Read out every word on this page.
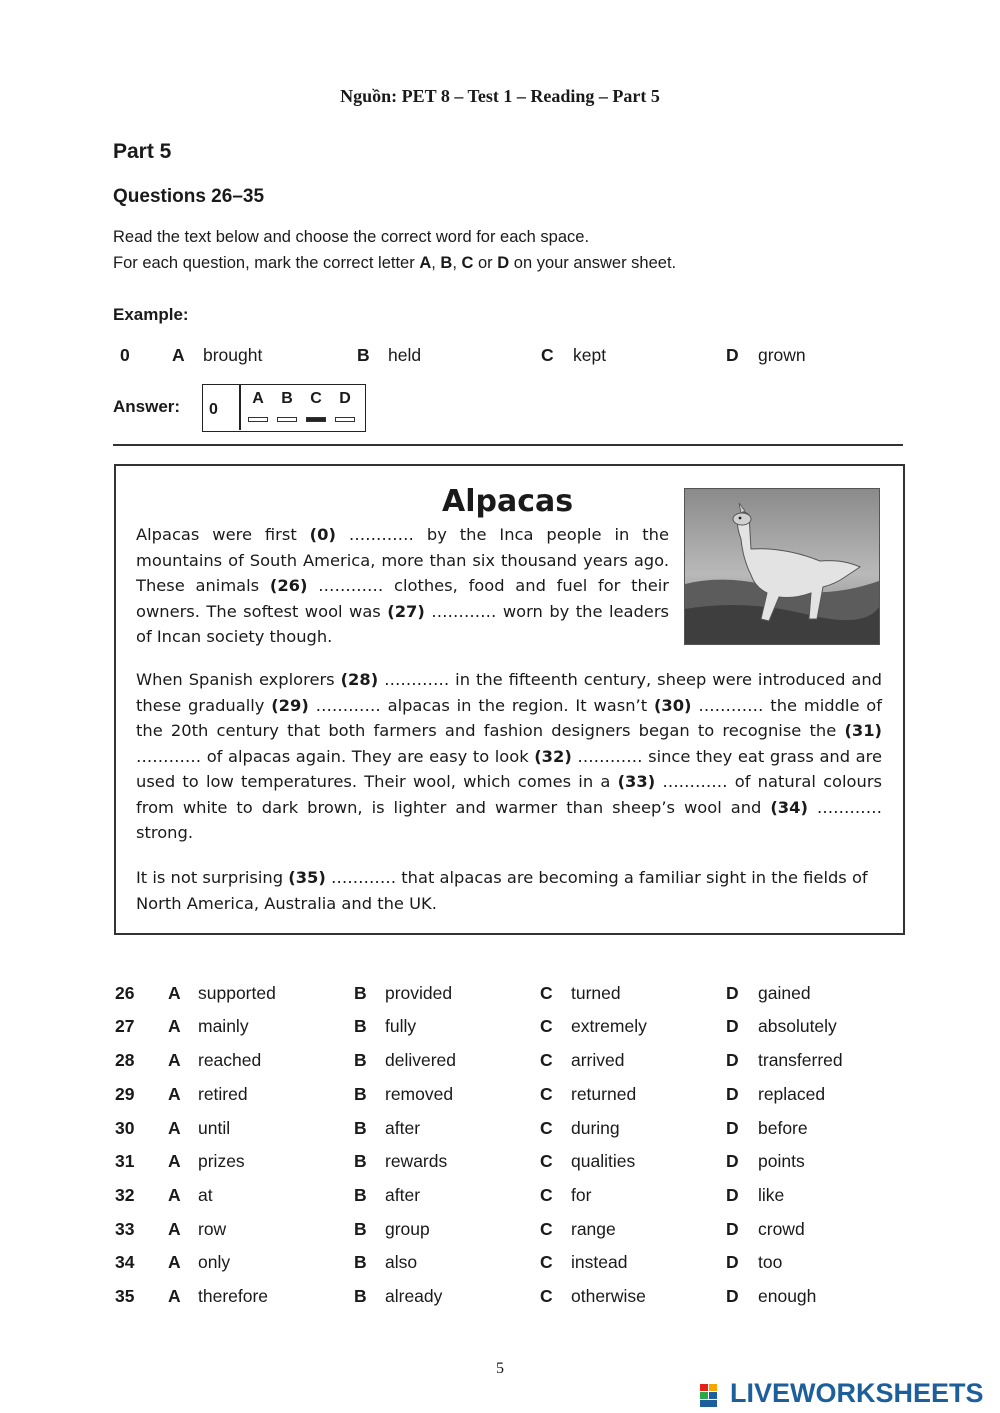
Nguồn: PET 8 – Test 1 – Reading – Part 5
Part 5
Questions 26–35
Read the text below and choose the correct word for each space.
For each question, mark the correct letter A, B, C or D on your answer sheet.
Example:
0 A brought	B held	C kept	D grown
Answer: 0
A B C D
Alpacas
Alpacas were first (0) ………… by the Inca people in the mountains of South America, more than six thousand years ago. These animals (26) ………… clothes, food and fuel for their owners. The softest wool was (27) ………… worn by the leaders of Incan society though.
When Spanish explorers (28) ………… in the fifteenth century, sheep were introduced and these gradually (29) ………… alpacas in the region. It wasn’t (30) ………… the middle of the 20th century that both farmers and fashion designers began to recognise the (31) ………… of alpacas again. They are easy to look (32) ………… since they eat grass and are used to low temperatures. Their wool, which comes in a (33) ………… of natural colours from white to dark brown, is lighter and warmer than sheep’s wool and (34) ………… strong.
It is not surprising (35) ………… that alpacas are becoming a familiar sight in the fields of North America, Australia and the UK.
26 A supported	B provided	C turned	D gained
27 A mainly	B fully	C extremely	D absolutely
28 A reached	B delivered	C arrived	D transferred
29 A retired	B removed	C returned	D replaced
30 A until	B after	C during	D before
31 A prizes	B rewards	C qualities	D points
32 A at	B after	C for	D like
33 A row	B group	C range	D crowd
34 A only	B also	C instead	D too
35 A therefore	B already	C otherwise	D enough
5
LIVEWORKSHEETS
